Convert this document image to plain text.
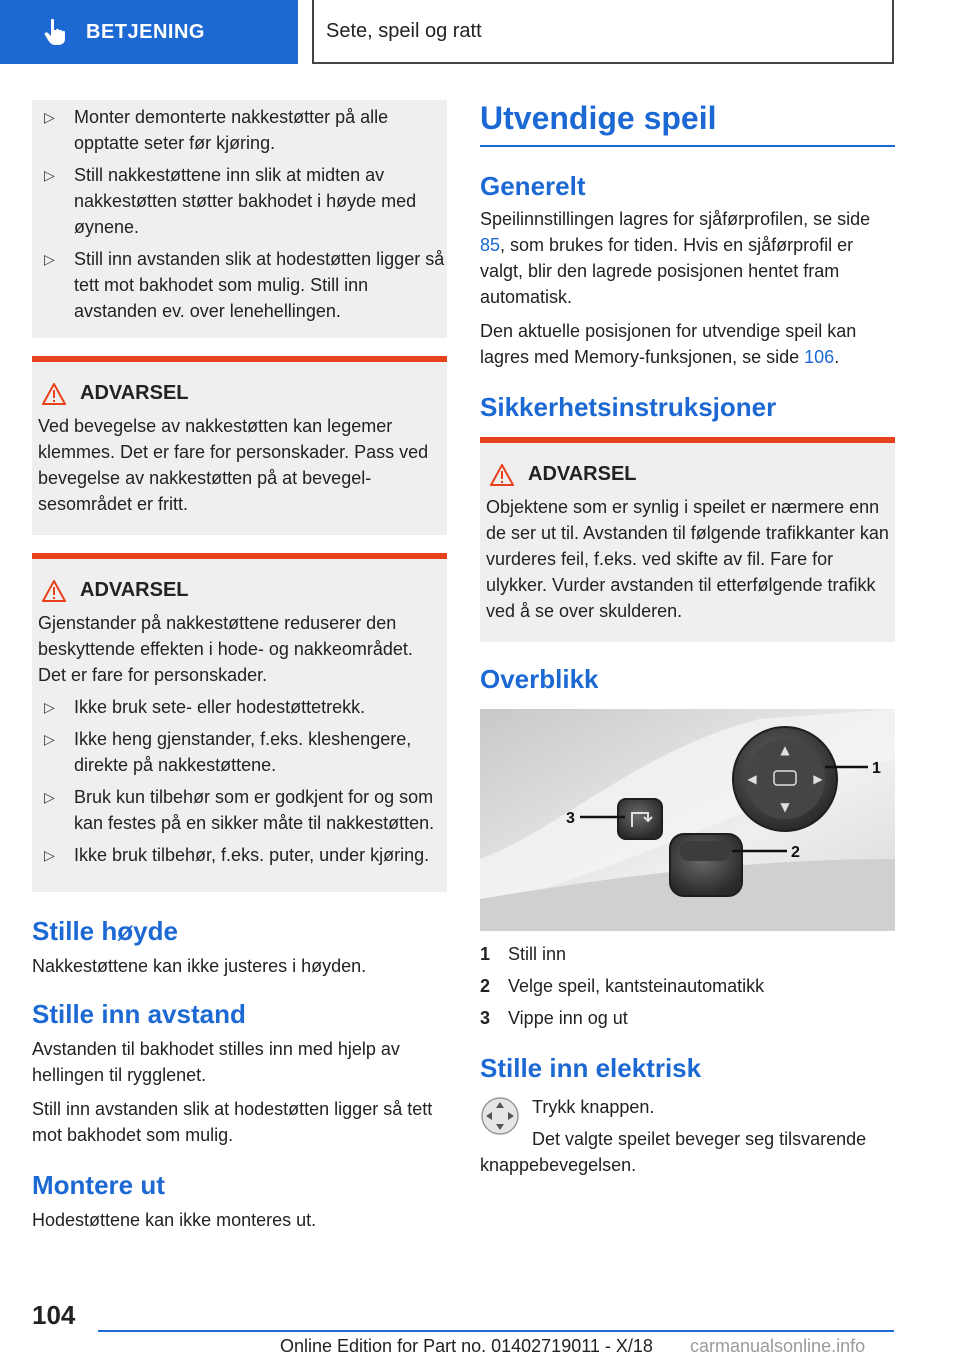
BETJENING	Sete, speil og ratt
▷ Monter demonterte nakkestøtter på alle opptatte seter før kjøring.
▷ Still nakkestøttene inn slik at midten av nakkestøtten støtter bakhodet i høyde med øynene.
▷ Still inn avstanden slik at hodestøtten ligger så tett mot bakhodet som mulig. Still inn avstanden ev. over lenehellingen.
ADVARSEL
Ved bevegelse av nakkestøtten kan legemer klemmes. Det er fare for personskader. Pass ved bevegelse av nakkestøtten på at bevegelsesområdet er fritt.
ADVARSEL
Gjenstander på nakkestøttene reduserer den beskyttende effekten i hode- og nakkeområdet. Det er fare for personskader.
▷ Ikke bruk sete- eller hodestøttetrekk.
▷ Ikke heng gjenstander, f.eks. kleshengere, direkte på nakkestøttene.
▷ Bruk kun tilbehør som er godkjent for og som kan festes på en sikker måte til nakkestøtten.
▷ Ikke bruk tilbehør, f.eks. puter, under kjøring.
Stille høyde

Nakkestøttene kan ikke justeres i høyden.

Stille inn avstand

Avstanden til bakhodet stilles inn med hjelp av hellingen til rygglenet.

Still inn avstanden slik at hodestøtten ligger så tett mot bakhodet som mulig.

Montere ut

Hodestøttene kan ikke monteres ut.

Utvendige speil
Generelt

Speilinnstillingen lagres for sjåførprofilen, se side 85, som brukes for tiden. Hvis en sjåførprofil er valgt, blir den lagrede posisjonen hentet fram automatisk.

Den aktuelle posisjonen for utvendige speil kan lagres med Memory-funksjonen, se side 106.

Sikkerhetsinstruksjoner
ADVARSEL
Objektene som er synlig i speilet er nærmere enn de ser ut til. Avstanden til følgende trafikkanter kan vurderes feil, f.eks. ved skifte av fil. Fare for ulykker. Vurder avstanden til etterfølgende trafikk ved å se over skulderen.
Overblikk
▲
▼
◀	▶
1
2
3
1 Still inn
2 Velge speil, kantsteinautomatikk
3 Vippe inn og ut
Stille inn elektrisk

Trykk knappen.

Det valgte speilet beveger seg tilsvarende knappebevegelsen.

104
Online Edition for Part no. 01402719011 - X/18 carmanualsonline.info
